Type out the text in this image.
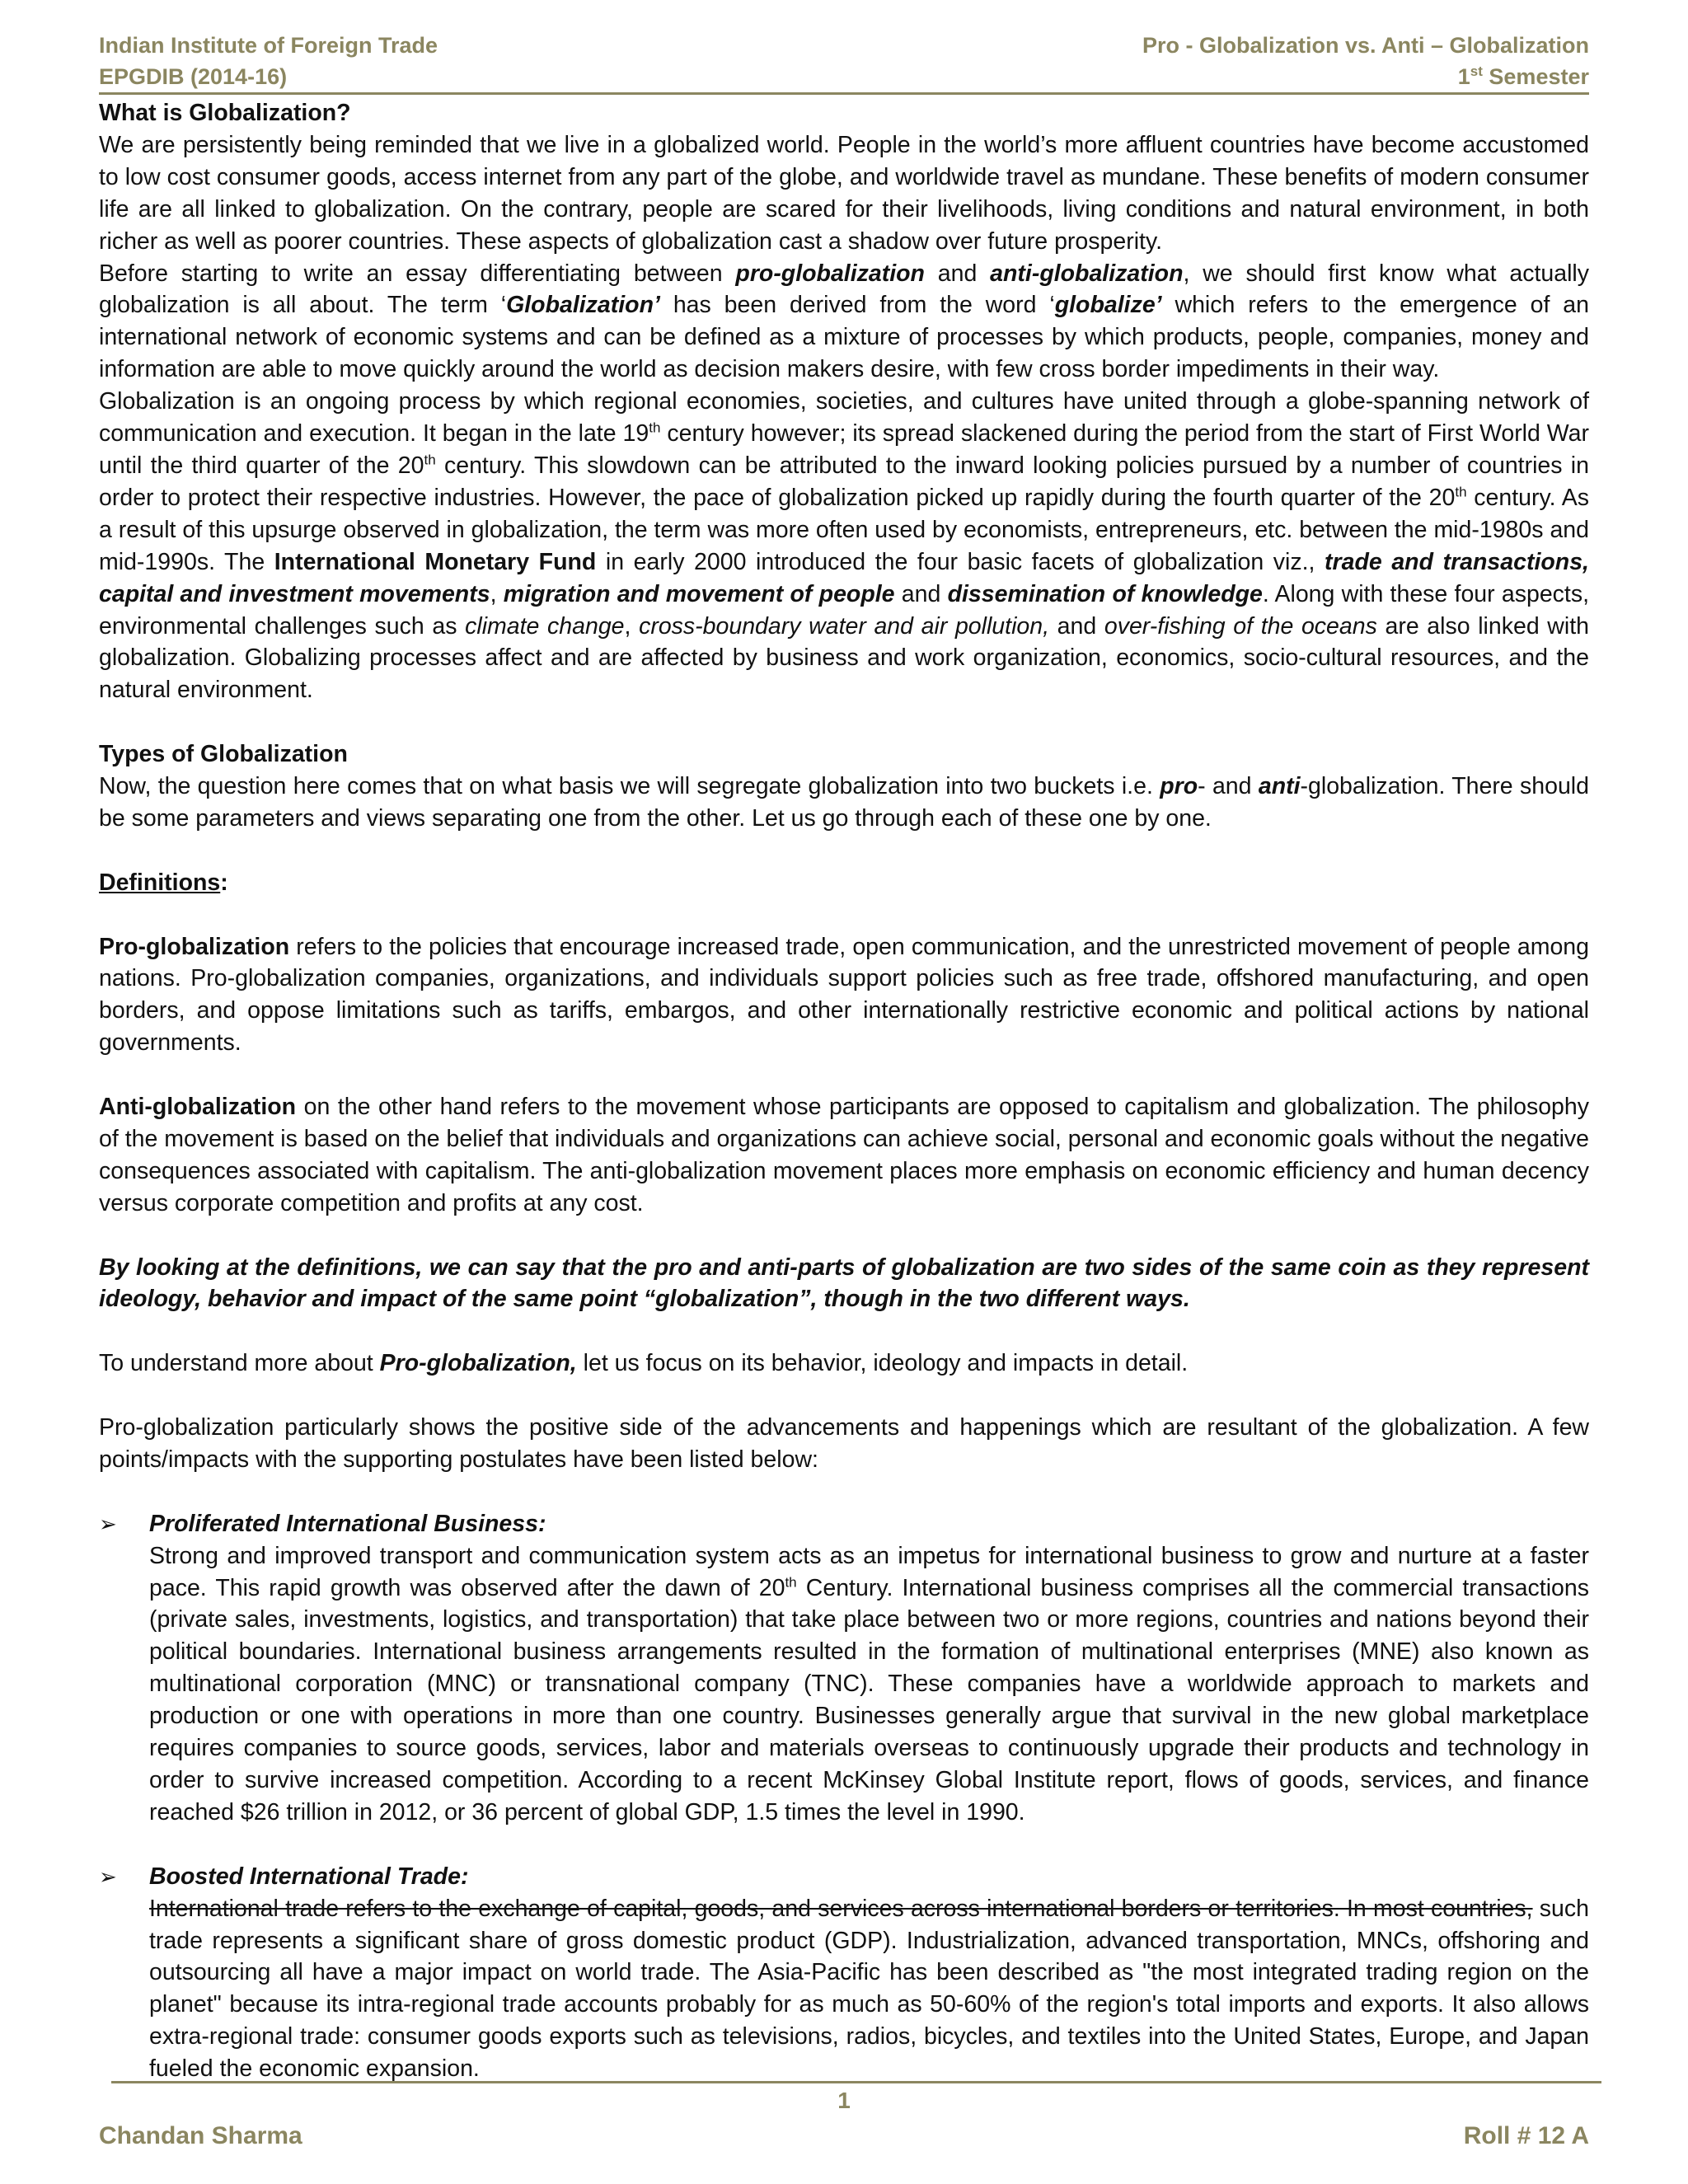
Indian Institute of Foreign Trade
EPGDIB (2014-16)
Pro - Globalization vs. Anti – Globalization
1st Semester
What is Globalization?

We are persistently being reminded that we live in a globalized world. People in the world’s more affluent countries have become accustomed to low cost consumer goods, access internet from any part of the globe, and worldwide travel as mundane. These benefits of modern consumer life are all linked to globalization. On the contrary, people are scared for their livelihoods, living conditions and natural environment, in both richer as well as poorer countries. These aspects of globalization cast a shadow over future prosperity.

Before starting to write an essay differentiating between pro-globalization and anti-globalization, we should first know what actually globalization is all about. The term ‘Globalization’ has been derived from the word ‘globalize’ which refers to the emergence of an international network of economic systems and can be defined as a mixture of processes by which products, people, companies, money and information are able to move quickly around the world as decision makers desire, with few cross border impediments in their way.

Globalization is an ongoing process by which regional economies, societies, and cultures have united through a globe-spanning network of communication and execution. It began in the late 19th century however; its spread slackened during the period from the start of First World War until the third quarter of the 20th century. This slowdown can be attributed to the inward looking policies pursued by a number of countries in order to protect their respective industries. However, the pace of globalization picked up rapidly during the fourth quarter of the 20th century. As a result of this upsurge observed in globalization, the term was more often used by economists, entrepreneurs, etc. between the mid-1980s and mid-1990s. The International Monetary Fund in early 2000 introduced the four basic facets of globalization viz., trade and transactions, capital and investment movements, migration and movement of people and dissemination of knowledge. Along with these four aspects, environmental challenges such as climate change, cross-boundary water and air pollution, and over-fishing of the oceans are also linked with globalization. Globalizing processes affect and are affected by business and work organization, economics, socio-cultural resources, and the natural environment.

Types of Globalization

Now, the question here comes that on what basis we will segregate globalization into two buckets i.e. pro- and anti-globalization. There should be some parameters and views separating one from the other. Let us go through each of these one by one.

Definitions:

Pro-globalization refers to the policies that encourage increased trade, open communication, and the unrestricted movement of people among nations. Pro-globalization companies, organizations, and individuals support policies such as free trade, offshored manufacturing, and open borders, and oppose limitations such as tariffs, embargos, and other internationally restrictive economic and political actions by national governments.

Anti-globalization on the other hand refers to the movement whose participants are opposed to capitalism and globalization. The philosophy of the movement is based on the belief that individuals and organizations can achieve social, personal and economic goals without the negative consequences associated with capitalism. The anti-globalization movement places more emphasis on economic efficiency and human decency versus corporate competition and profits at any cost.

By looking at the definitions, we can say that the pro and anti-parts of globalization are two sides of the same coin as they represent ideology, behavior and impact of the same point “globalization”, though in the two different ways.

To understand more about Pro-globalization, let us focus on its behavior, ideology and impacts in detail.

Pro-globalization particularly shows the positive side of the advancements and happenings which are resultant of the globalization. A few points/impacts with the supporting postulates have been listed below:

➢ Proliferated International Business:

Strong and improved transport and communication system acts as an impetus for international business to grow and nurture at a faster pace. This rapid growth was observed after the dawn of 20th Century. International business comprises all the commercial transactions (private sales, investments, logistics, and transportation) that take place between two or more regions, countries and nations beyond their political boundaries. International business arrangements resulted in the formation of multinational enterprises (MNE) also known as multinational corporation (MNC) or transnational company (TNC). These companies have a worldwide approach to markets and production or one with operations in more than one country. Businesses generally argue that survival in the new global marketplace requires companies to source goods, services, labor and materials overseas to continuously upgrade their products and technology in order to survive increased competition. According to a recent McKinsey Global Institute report, flows of goods, services, and finance reached $26 trillion in 2012, or 36 percent of global GDP, 1.5 times the level in 1990.

➢ Boosted International Trade:

International trade refers to the exchange of capital, goods, and services across international borders or territories. In most countries, such trade represents a significant share of gross domestic product (GDP). Industrialization, advanced transportation, MNCs, offshoring and outsourcing all have a major impact on world trade. The Asia-Pacific has been described as "the most integrated trading region on the planet" because its intra-regional trade accounts probably for as much as 50-60% of the region's total imports and exports. It also allows extra-regional trade: consumer goods exports such as televisions, radios, bicycles, and textiles into the United States, Europe, and Japan fueled the economic expansion.

1
Chandan Sharma	Roll # 12 A
